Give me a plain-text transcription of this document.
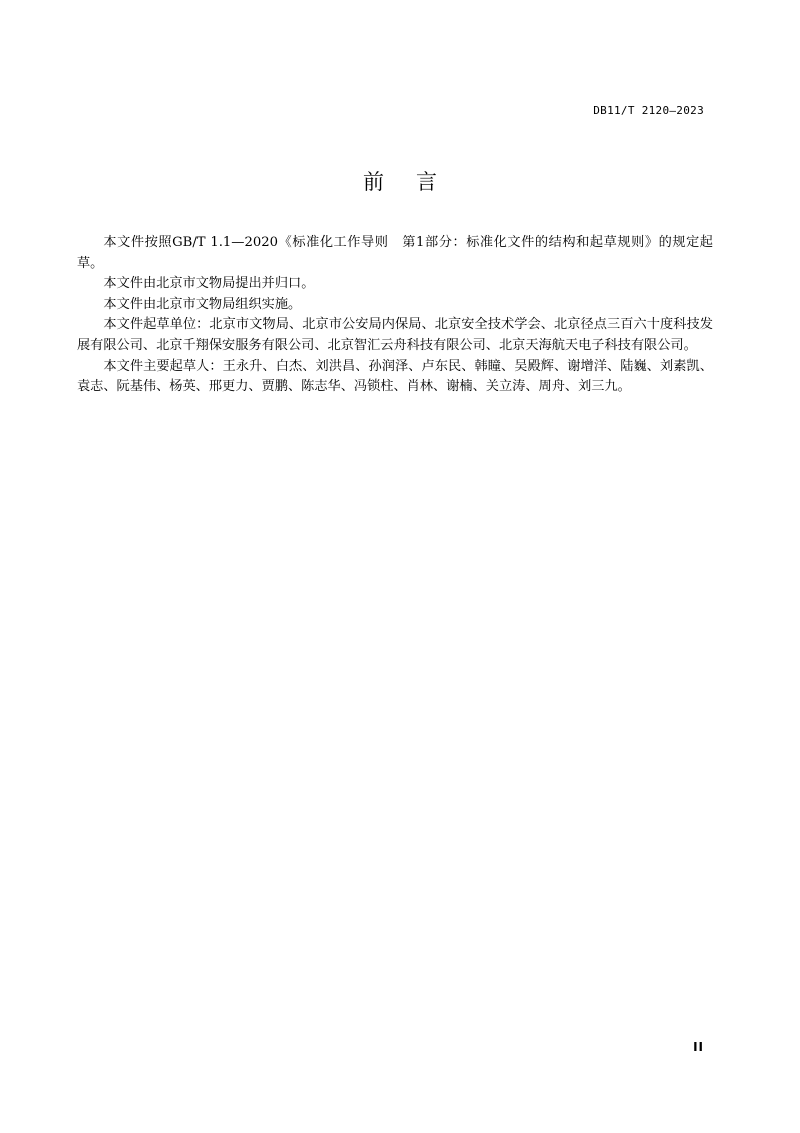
DB11/T 2120—2023
前言

本文件按照GB/T 1.1—2020《标准化工作导则　第1部分：标准化文件的结构和起草规则》的规定起草。

本文件由北京市文物局提出并归口。

本文件由北京市文物局组织实施。

本文件起草单位：北京市文物局、北京市公安局内保局、北京安全技术学会、北京径点三百六十度科技发展有限公司、北京千翔保安服务有限公司、北京智汇云舟科技有限公司、北京天海航天电子科技有限公司。

本文件主要起草人：王永升、白杰、刘洪昌、孙润泽、卢东民、韩瞳、吴殿辉、谢增洋、陆巍、刘素凯、袁志、阮基伟、杨英、邢更力、贾鹏、陈志华、冯锁柱、肖林、谢楠、关立涛、周舟、刘三九。

II
